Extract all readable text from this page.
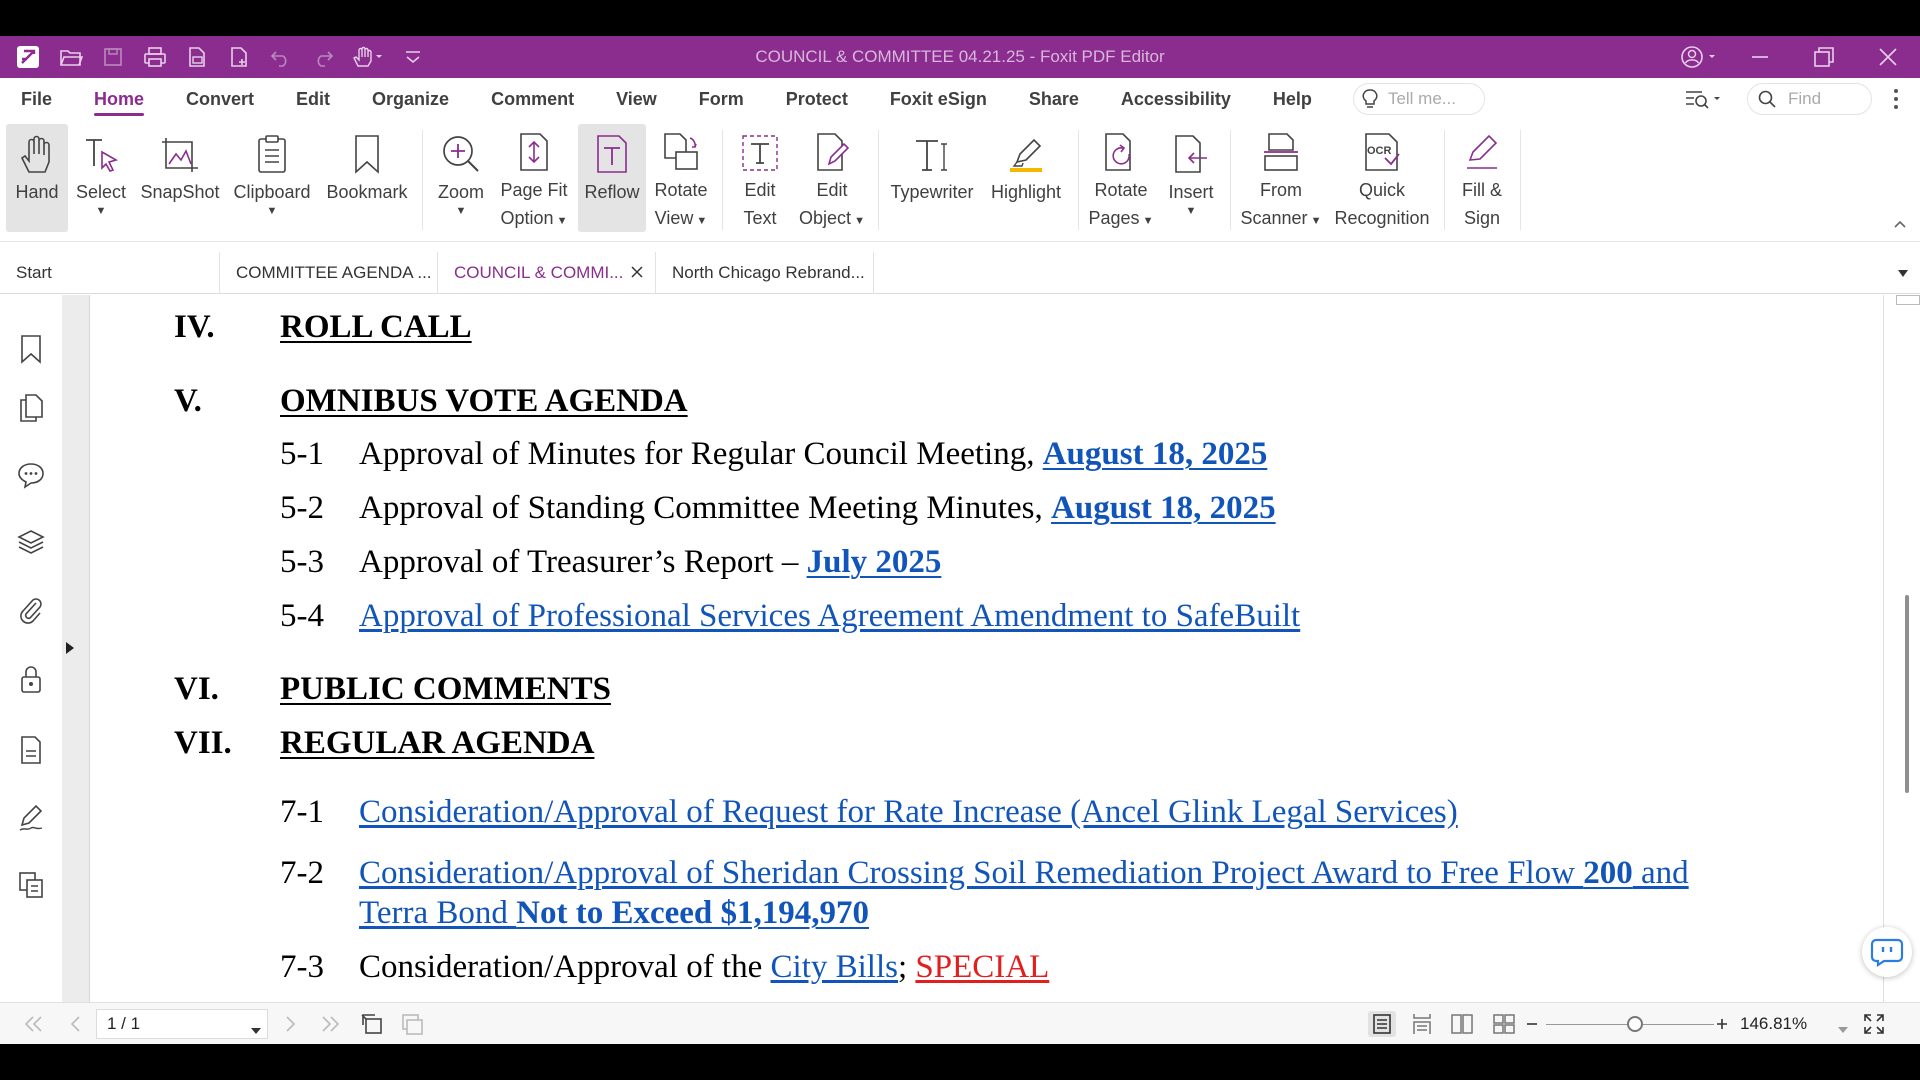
COUNCIL & COMMITTEE 04.21.25 - Foxit PDF Editor
File	Home	Convert	Edit	Organize	Comment	View	Form	Protect	Foxit eSign	Share	Accessibility	Help	Tell me...	Find
Hand Select
▼
SnapShot Clipboard
▼
Bookmark Zoom
▼
Page Fit
Option ▼
Reflow Rotate
View ▼
Edit
Text
Edit
Object ▼
Typewriter Highlight Rotate
Pages ▼
Insert
▼
From
Scanner ▼
OCR
Quick
Recognition
Fill &
Sign
Start	COMMITTEE AGENDA ... COUNCIL & COMMI...	North Chicago Rebrand...
IV. ROLL CALL
V. OMNIBUS VOTE AGENDA
5-1 Approval of Minutes for Regular Council Meeting, August 18, 2025
5-2 Approval of Standing Committee Meeting Minutes, August 18, 2025
5-3 Approval of Treasurer’s Report – July 2025
5-4 Approval of Professional Services Agreement Amendment to SafeBuilt
VI. PUBLIC COMMENTS
VII. REGULAR AGENDA
7-1 Consideration/Approval of Request for Rate Increase (Ancel Glink Legal Services)
7-2 Consideration/Approval of Sheridan Crossing Soil Remediation Project Award to Free Flow 200 and
Terra Bond Not to Exceed $1,194,970
7-3 Consideration/Approval of the City Bills; SPECIAL
1 / 1	146.81%
